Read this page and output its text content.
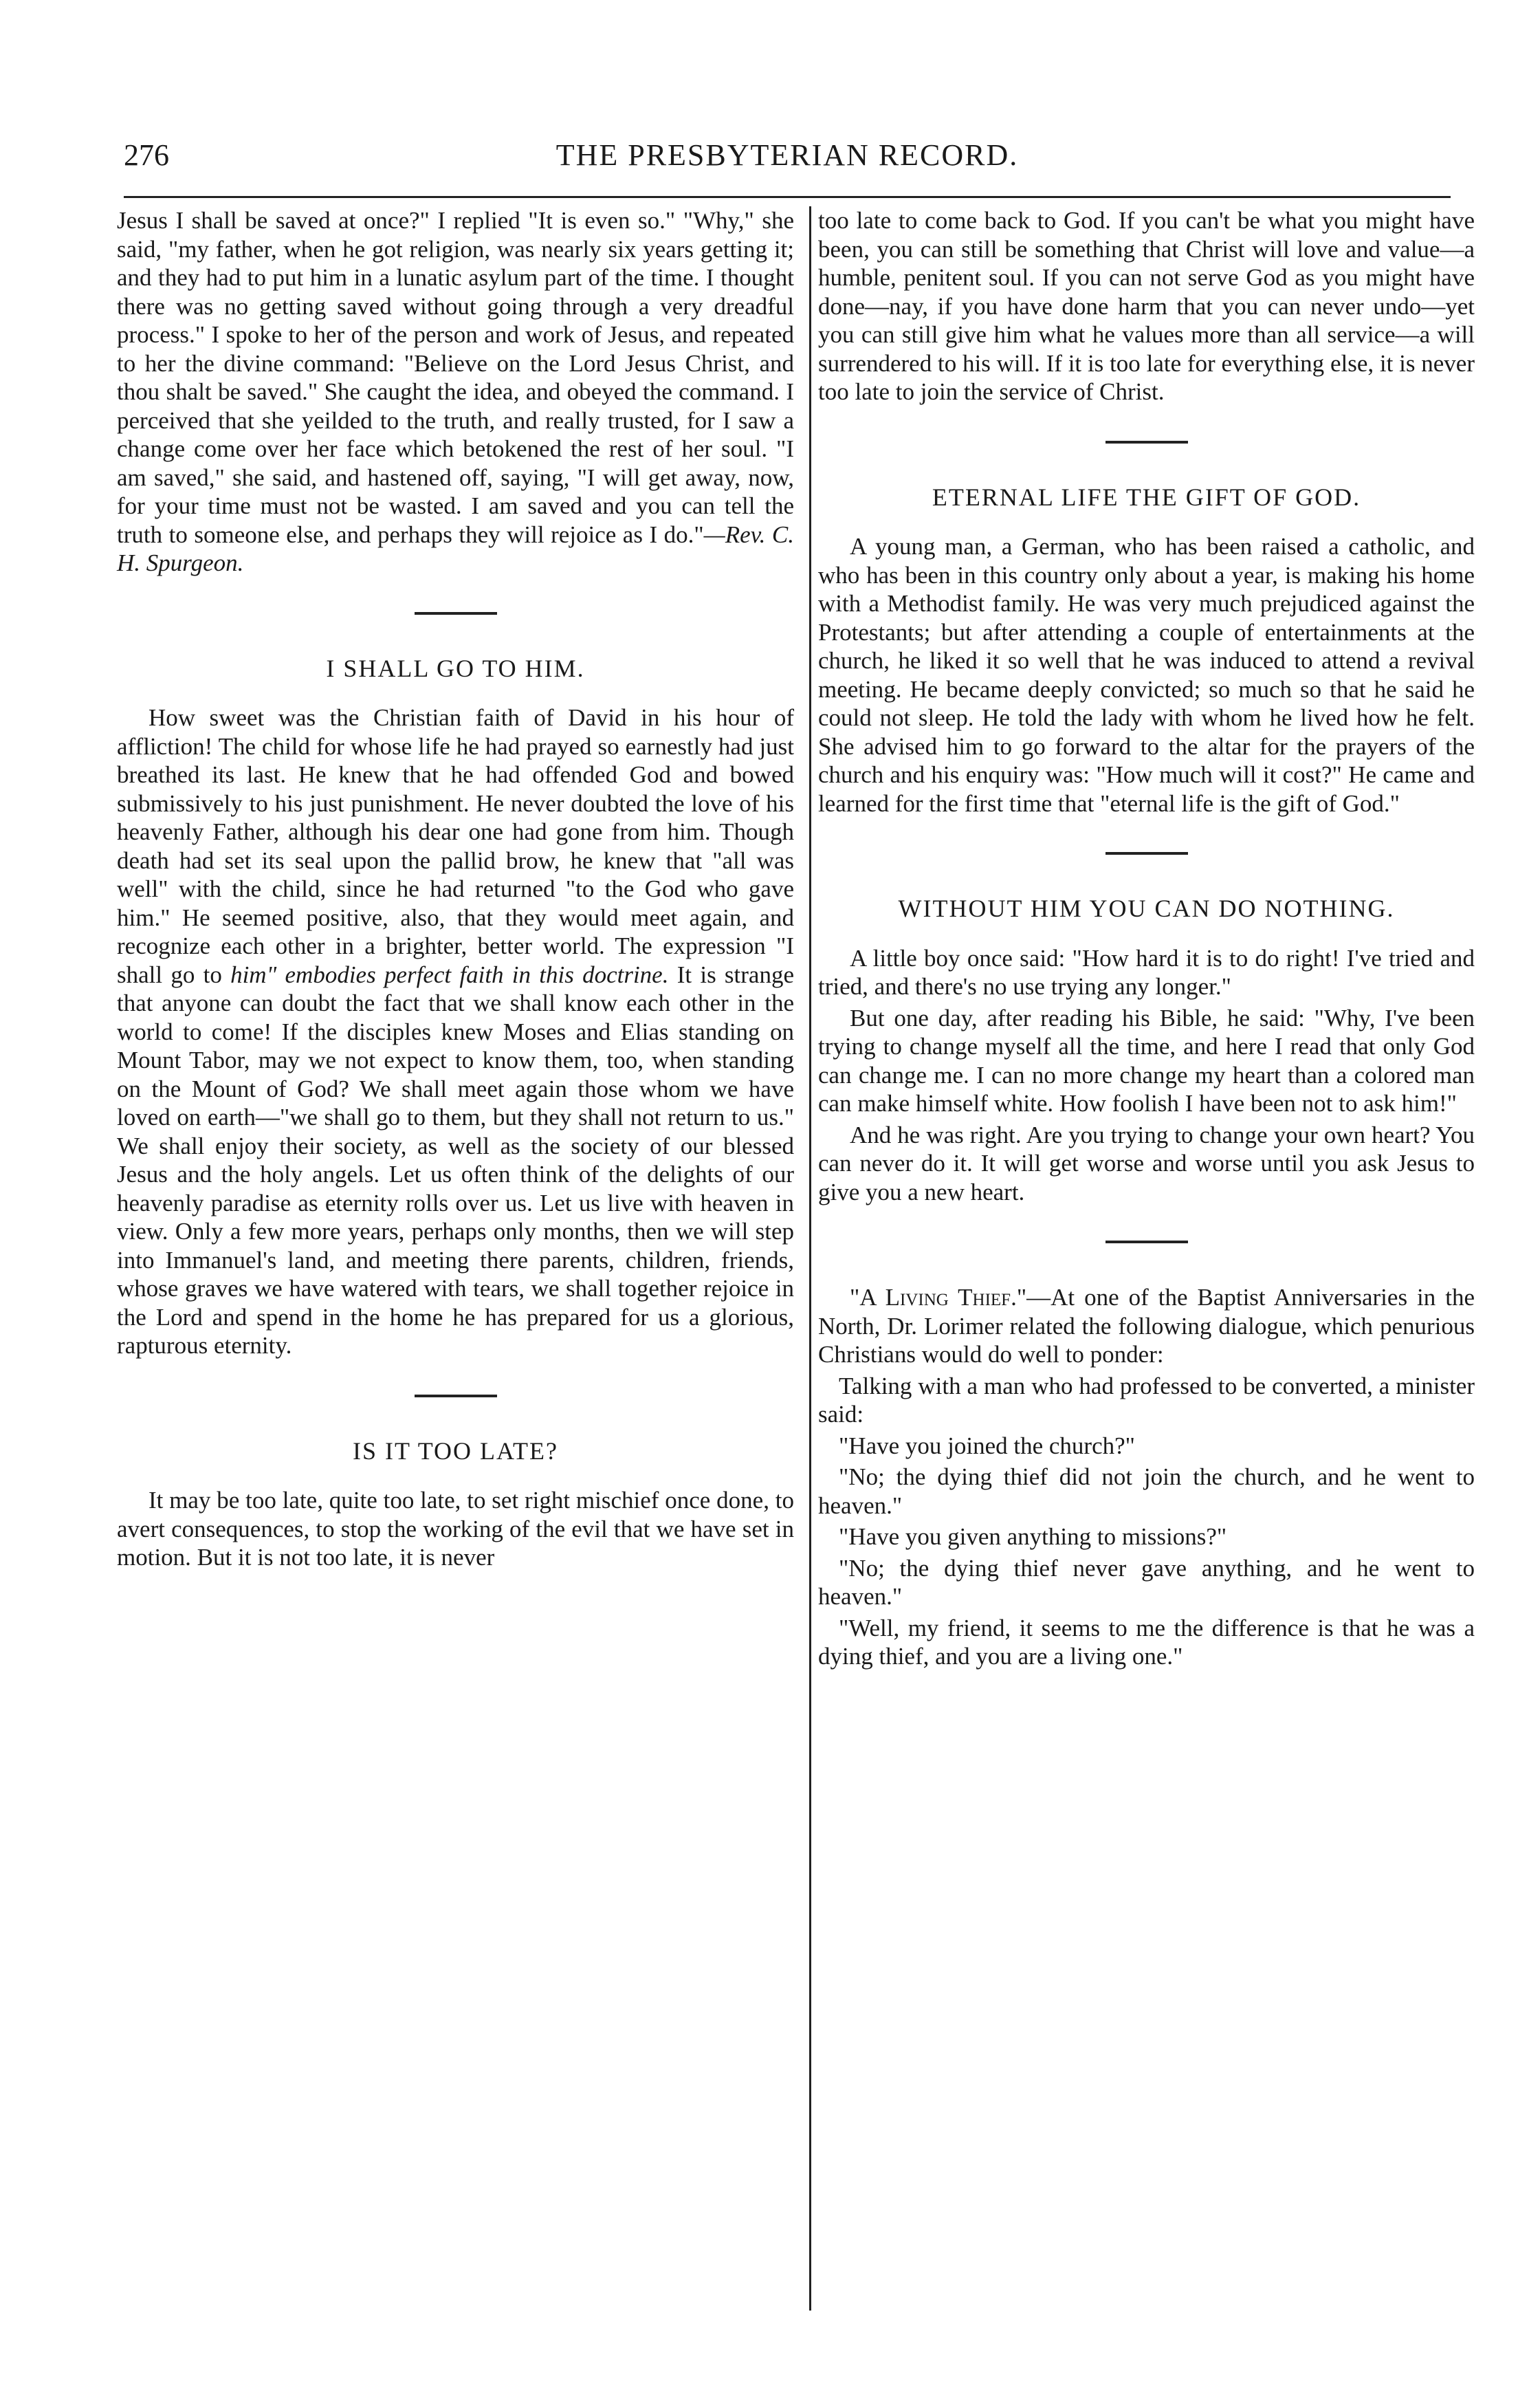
276	THE PRESBYTERIAN RECORD.

Jesus I shall be saved at once?" I replied "It is even so." "Why," she said, "my father, when he got religion, was nearly six years getting it; and they had to put him in a lunatic asylum part of the time. I thought there was no getting saved without going through a very dreadful process." I spoke to her of the person and work of Jesus, and repeated to her the divine command: "Believe on the Lord Jesus Christ, and thou shalt be saved." She caught the idea, and obeyed the command. I perceived that she yeilded to the truth, and really trusted, for I saw a change come over her face which betokened the rest of her soul. "I am saved," she said, and hastened off, saying, "I will get away, now, for your time must not be wasted. I am saved and you can tell the truth to someone else, and perhaps they will rejoice as I do."—Rev. C. H. Spurgeon.

I SHALL GO TO HIM.

How sweet was the Christian faith of David in his hour of affliction! The child for whose life he had prayed so earnestly had just breathed its last. He knew that he had offended God and bowed submissively to his just punishment. He never doubted the love of his heavenly Father, although his dear one had gone from him. Though death had set its seal upon the pallid brow, he knew that "all was well" with the child, since he had returned "to the God who gave him." He seemed positive, also, that they would meet again, and recognize each other in a brighter, better world. The expression "I shall go to him" embodies perfect faith in this doctrine. It is strange that anyone can doubt the fact that we shall know each other in the world to come! If the disciples knew Moses and Elias standing on Mount Tabor, may we not expect to know them, too, when standing on the Mount of God? We shall meet again those whom we have loved on earth—"we shall go to them, but they shall not return to us." We shall enjoy their society, as well as the society of our blessed Jesus and the holy angels. Let us often think of the delights of our heavenly paradise as eternity rolls over us. Let us live with heaven in view. Only a few more years, perhaps only months, then we will step into Immanuel's land, and meeting there parents, children, friends, whose graves we have watered with tears, we shall together rejoice in the Lord and spend in the home he has prepared for us a glorious, rapturous eternity.

IS IT TOO LATE?

It may be too late, quite too late, to set right mischief once done, to avert consequences, to stop the working of the evil that we have set in motion. But it is not too late, it is never

too late to come back to God. If you can't be what you might have been, you can still be something that Christ will love and value—a humble, penitent soul. If you can not serve God as you might have done—nay, if you have done harm that you can never undo—yet you can still give him what he values more than all service—a will surrendered to his will. If it is too late for everything else, it is never too late to join the service of Christ.

ETERNAL LIFE THE GIFT OF GOD.

A young man, a German, who has been raised a catholic, and who has been in this country only about a year, is making his home with a Methodist family. He was very much prejudiced against the Protestants; but after attending a couple of entertainments at the church, he liked it so well that he was induced to attend a revival meeting. He became deeply convicted; so much so that he said he could not sleep. He told the lady with whom he lived how he felt. She advised him to go forward to the altar for the prayers of the church and his enquiry was: "How much will it cost?" He came and learned for the first time that "eternal life is the gift of God."

WITHOUT HIM YOU CAN DO NOTHING.

A little boy once said: "How hard it is to do right! I've tried and tried, and there's no use trying any longer."

But one day, after reading his Bible, he said: "Why, I've been trying to change myself all the time, and here I read that only God can change me. I can no more change my heart than a colored man can make himself white. How foolish I have been not to ask him!"

And he was right. Are you trying to change your own heart? You can never do it. It will get worse and worse until you ask Jesus to give you a new heart.

"A Living Thief."—At one of the Baptist Anniversaries in the North, Dr. Lorimer related the following dialogue, which penurious Christians would do well to ponder:

Talking with a man who had professed to be converted, a minister said:

"Have you joined the church?"

"No; the dying thief did not join the church, and he went to heaven."

"Have you given anything to missions?"

"No; the dying thief never gave anything, and he went to heaven."

"Well, my friend, it seems to me the difference is that he was a dying thief, and you are a living one."
